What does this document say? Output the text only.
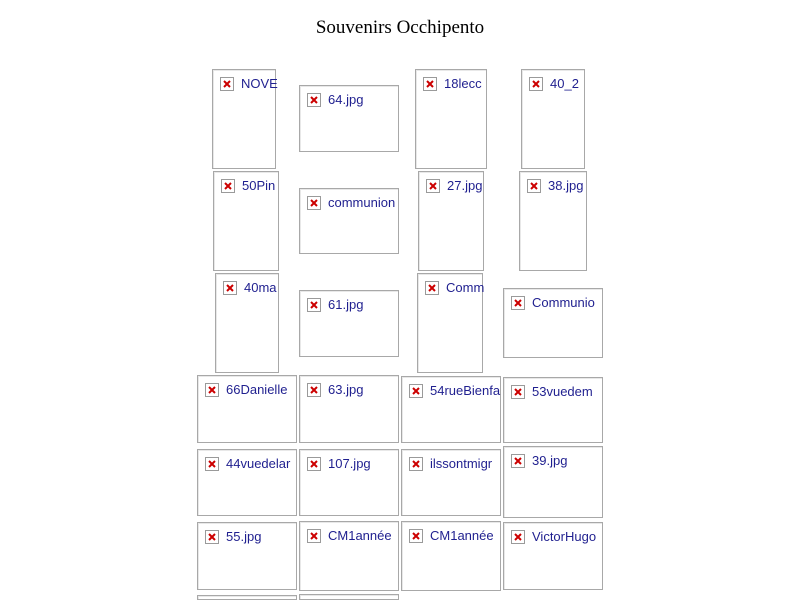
Souvenirs Occhipento
NOVE
64.jpg
18lecc	40_2
50Pin
communion
27.jpg	38.jpg
40ma
61.jpg
Comm
Communio
66Danielle	63.jpg	54rueBienfa 53vuedem
44vuedelar	107.jpg	ilssontmigr	39.jpg
55.jpg	CM1année	CM1année	VictorHugo
